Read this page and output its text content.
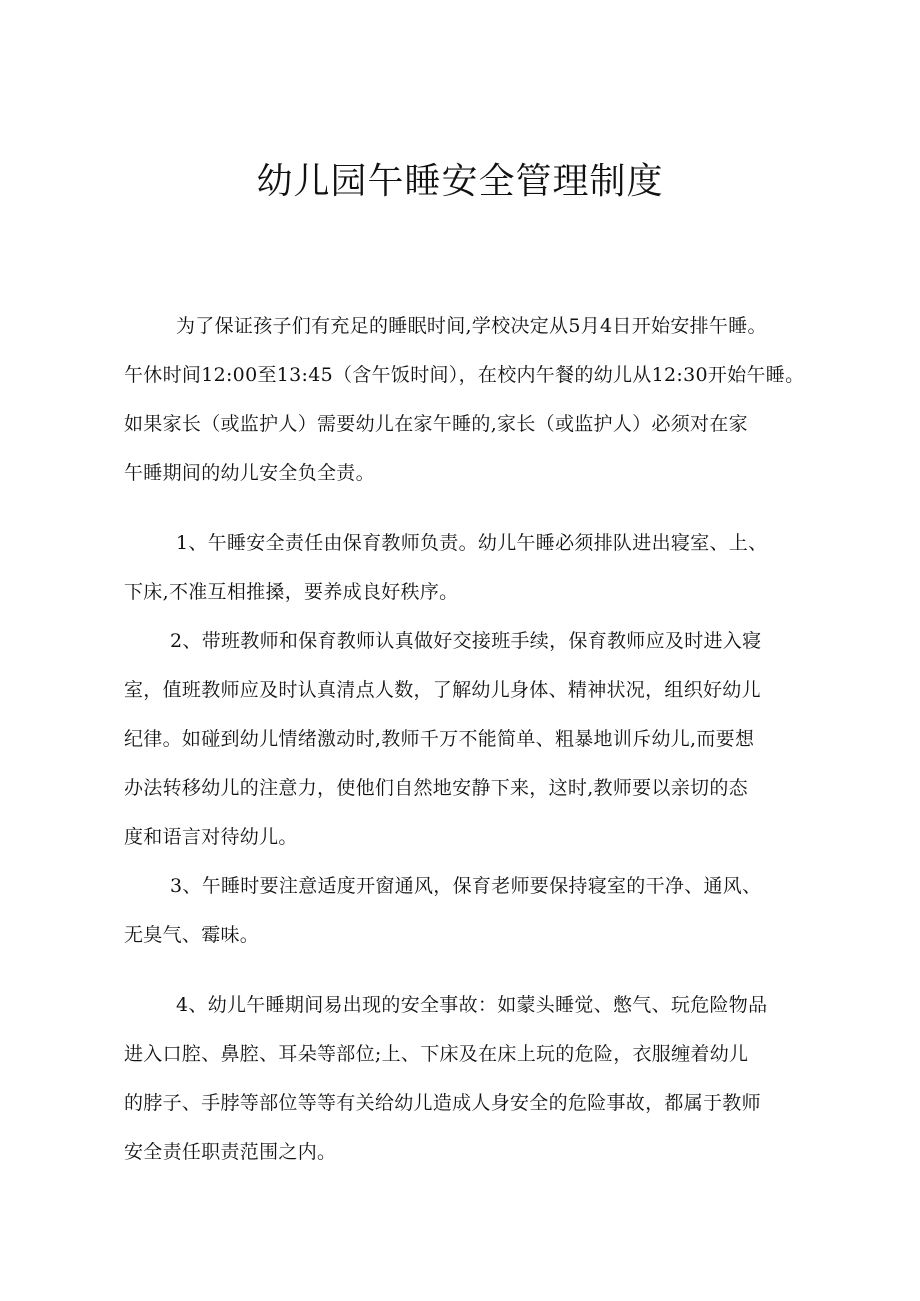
幼儿园午睡安全管理制度
为了保证孩子们有充足的睡眠时间,学校决定从5月4日开始安排午睡。
午休时间12:00至13:45（含午饭时间），在校内午餐的幼儿从12:30开始午睡。
如果家长（或监护人）需要幼儿在家午睡的,家长（或监护人）必须对在家
午睡期间的幼儿安全负全责。
1、午睡安全责任由保育教师负责。幼儿午睡必须排队进出寝室、上、
下床,不准互相推搡，要养成良好秩序。
2、带班教师和保育教师认真做好交接班手续，保育教师应及时进入寝
室，值班教师应及时认真清点人数，了解幼儿身体、精神状况，组织好幼儿
纪律。如碰到幼儿情绪激动时,教师千万不能简单、粗暴地训斥幼儿,而要想
办法转移幼儿的注意力，使他们自然地安静下来，这时,教师要以亲切的态
度和语言对待幼儿。
3、午睡时要注意适度开窗通风，保育老师要保持寝室的干净、通风、
无臭气、霉味。
4、幼儿午睡期间易出现的安全事故：如蒙头睡觉、憋气、玩危险物品
进入口腔、鼻腔、耳朵等部位;上、下床及在床上玩的危险，衣服缠着幼儿
的脖子、手脖等部位等等有关给幼儿造成人身安全的危险事故，都属于教师
安全责任职责范围之内。
